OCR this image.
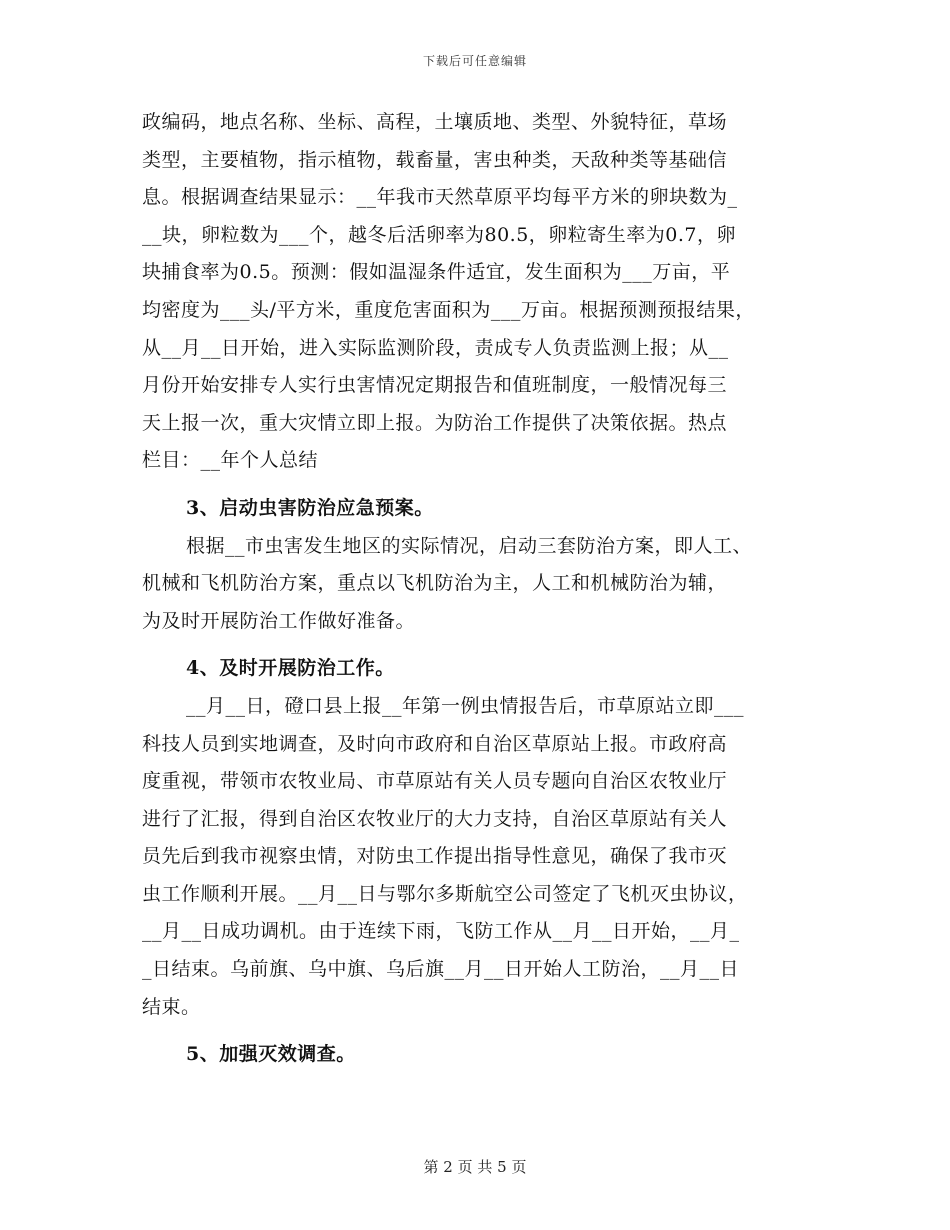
下载后可任意编辑
政编码，地点名称、坐标、高程，土壤质地、类型、外貌特征，草场
类型，主要植物，指示植物，载畜量，害虫种类，天敌种类等基础信
息。根据调查结果显示：__年我市天然草原平均每平方米的卵块数为_
__块，卵粒数为___个，越冬后活卵率为80.5，卵粒寄生率为0.7，卵
块捕食率为0.5。预测：假如温湿条件适宜，发生面积为___万亩，平
均密度为___头/平方米，重度危害面积为___万亩。根据预测预报结果，
从__月__日开始，进入实际监测阶段，责成专人负责监测上报；从__
月份开始安排专人实行虫害情况定期报告和值班制度，一般情况每三
天上报一次，重大灾情立即上报。为防治工作提供了决策依据。热点
栏目：__年个人总结
3、启动虫害防治应急预案。
根据__市虫害发生地区的实际情况，启动三套防治方案，即人工、
机械和飞机防治方案，重点以飞机防治为主，人工和机械防治为辅，
为及时开展防治工作做好准备。
4、及时开展防治工作。
__月__日，磴口县上报__年第一例虫情报告后，市草原站立即___
科技人员到实地调查，及时向市政府和自治区草原站上报。市政府高
度重视，带领市农牧业局、市草原站有关人员专题向自治区农牧业厅
进行了汇报，得到自治区农牧业厅的大力支持，自治区草原站有关人
员先后到我市视察虫情，对防虫工作提出指导性意见，确保了我市灭
虫工作顺利开展。__月__日与鄂尔多斯航空公司签定了飞机灭虫协议，
__月__日成功调机。由于连续下雨，飞防工作从__月__日开始，__月_
_日结束。乌前旗、乌中旗、乌后旗__月__日开始人工防治，__月__日
结束。
5、加强灭效调查。
第 2 页 共 5 页
